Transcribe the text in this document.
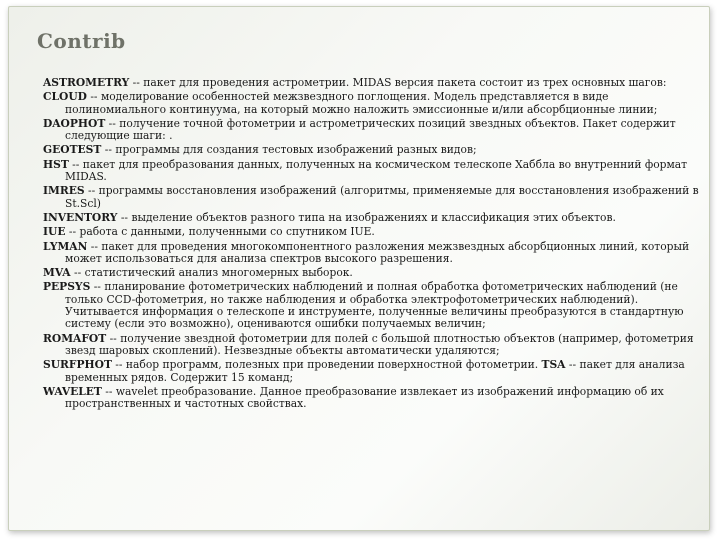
Contrib
ASTROMETRY -- пакет для проведения астрометрии. MIDAS версия пакета состоит из трех основных шагов:
CLOUD -- моделирование особенностей межзвездного поглощения. Модель представляется в виде полиномиального континуума, на который можно наложить эмиссионные и/или абсорбционные линии;
DAOPHOT -- получение точной фотометрии и астрометрических позиций звездных объектов. Пакет содержит следующие шаги: .
GEOTEST -- программы для создания тестовых изображений разных видов;
HST -- пакет для преобразования данных, полученных на космическом телескопе Хаббла во внутренний формат MIDAS.
IMRES -- программы восстановления изображений (алгоритмы, применяемые для восстановления изображений в St.Scl)
INVENTORY -- выделение объектов разного типа на изображениях и классификация этих объектов.
IUE -- работа с данными, полученными со спутником IUE.
LYMAN -- пакет для проведения многокомпонентного разложения межзвездных абсорбционных линий, который может использоваться для анализа спектров высокого разрешения.
MVA -- статистический анализ многомерных выборок.
PEPSYS -- планирование фотометрических наблюдений и полная обработка фотометрических наблюдений (не только CCD-фотометрия, но также наблюдения и обработка электрофотометрических наблюдений). Учитывается информация о телескопе и инструменте, полученные величины преобразуются в стандартную систему (если это возможно), оцениваются ошибки получаемых величин;
ROMAFOT -- получение звездной фотометрии для полей с большой плотностью объектов (например, фотометрия звезд шаровых скоплений). Незвездные объекты автоматически удаляются;
SURFPHOT -- набор программ, полезных при проведении поверхностной фотометрии. TSA -- пакет для анализа временных рядов. Содержит 15 команд;
WAVELET -- wavelet преобразование. Данное преобразование извлекает из изображений информацию об их пространственных и частотных свойствах.
